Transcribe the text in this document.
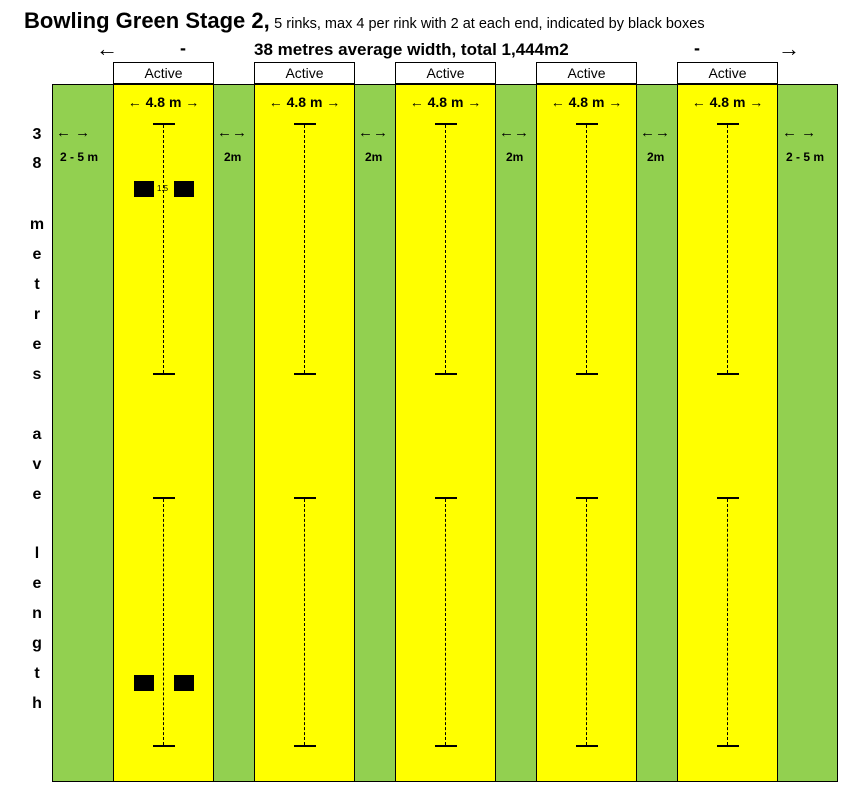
Bowling Green Stage 2, 5 rinks, max 4 per rink with 2 at each end, indicated by black boxes
←	-	38 metres average width, total 1,444m2	-	→
Active	Active	Active	Active	Active
← 4.8 m →	← 4.8 m →	← 4.8 m →	← 4.8 m →	← 4.8 m →
← →
2 - 5 m
←→
2m
←→
2m
←→
2m
←→
2m
← →
2 - 5 m
3
8
m
e
t
r
e
s
a
v
e
l
e
n
g
t
h
1.5
